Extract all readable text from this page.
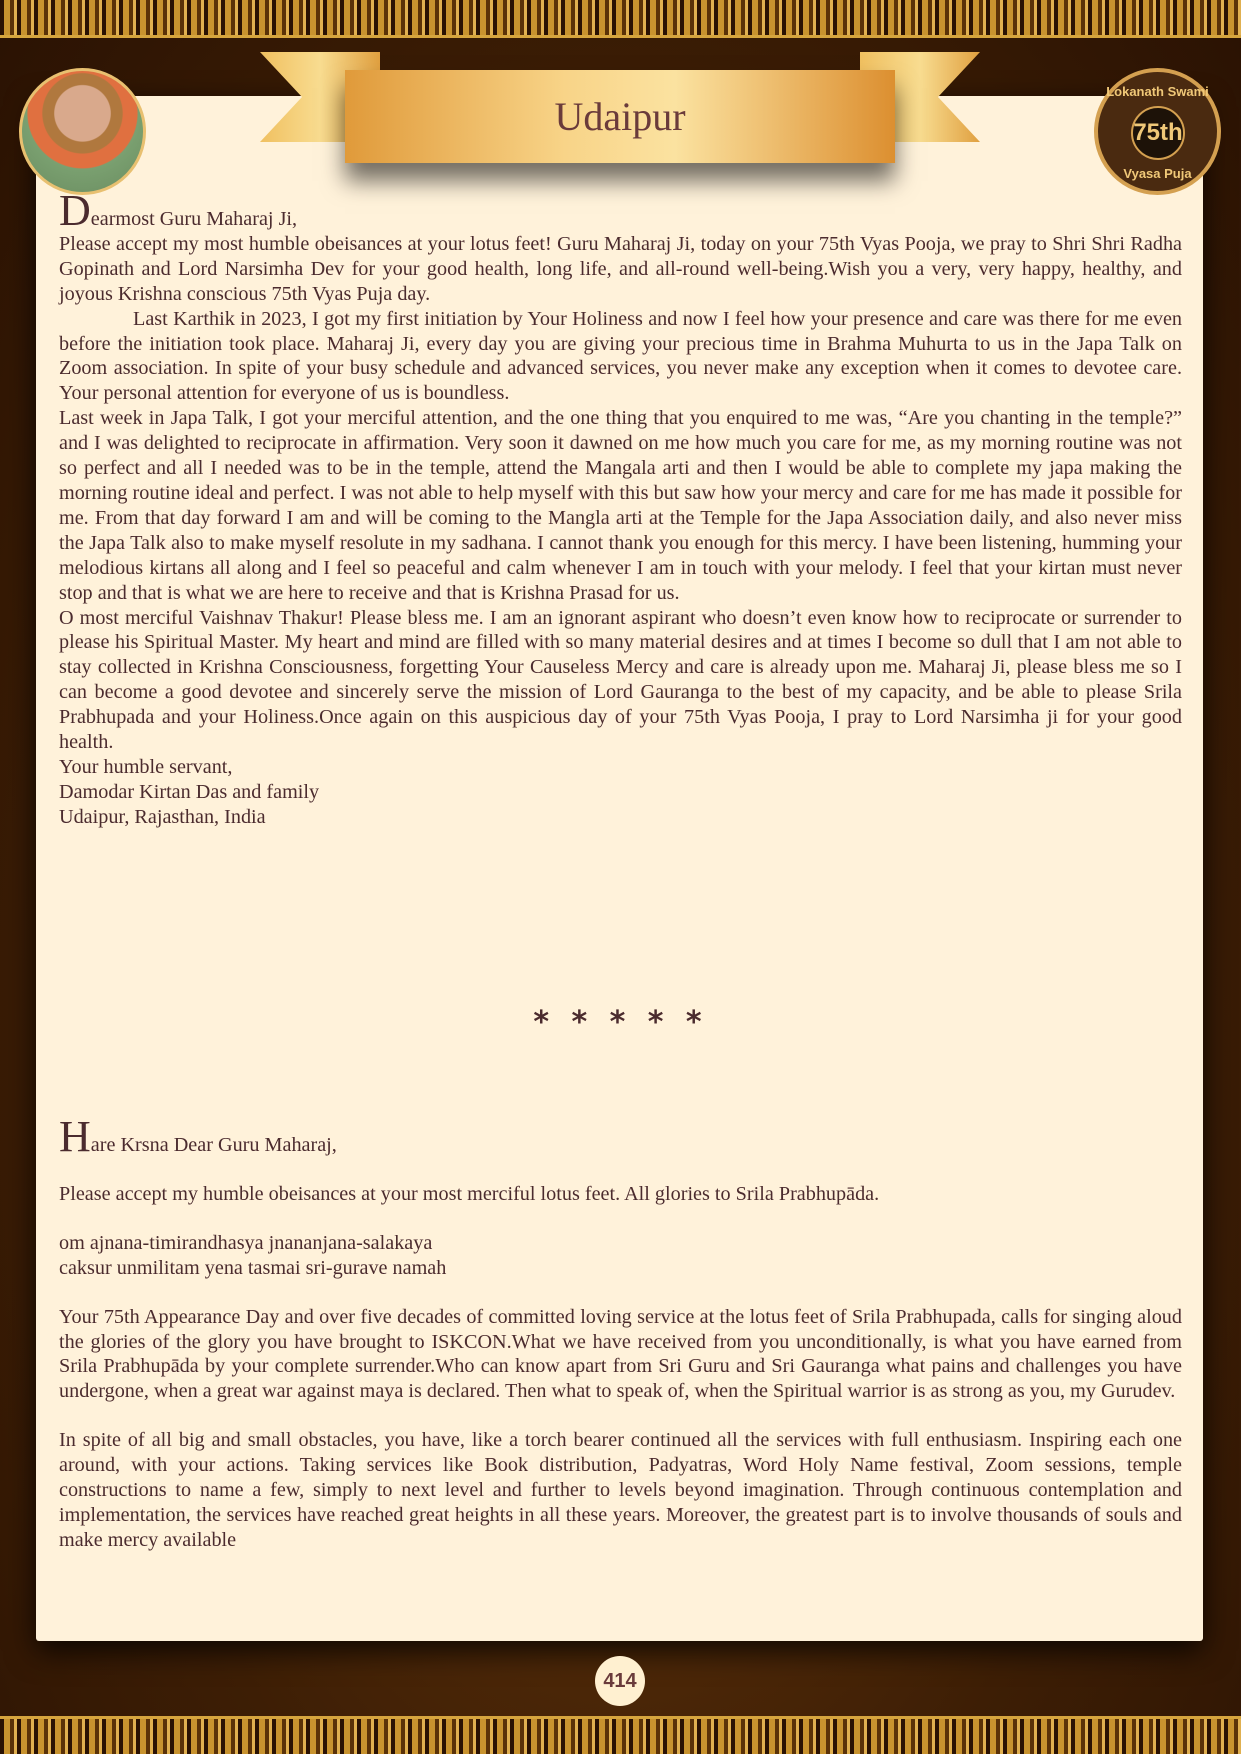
Udaipur
Lokanath Swami
75th
Vyasa Puja

Dearmost Guru Maharaj Ji,

Please accept my most humble obeisances at your lotus feet! Guru Maharaj Ji, today on your 75th Vyas Pooja, we pray to Shri Shri Radha Gopinath and Lord Narsimha Dev for your good health, long life, and all-round well-being.Wish you a very, very happy, healthy, and joyous Krishna conscious 75th Vyas Puja day.

Last Karthik in 2023, I got my first initiation by Your Holiness and now I feel how your presence and care was there for me even before the initiation took place. Maharaj Ji, every day you are giving your precious time in Brahma Muhurta to us in the Japa Talk on Zoom association. In spite of your busy schedule and advanced services, you never make any exception when it comes to devotee care. Your personal attention for everyone of us is boundless.

Last week in Japa Talk, I got your merciful attention, and the one thing that you enquired to me was, “Are you chanting in the temple?” and I was delighted to reciprocate in affirmation. Very soon it dawned on me how much you care for me, as my morning routine was not so perfect and all I needed was to be in the temple, attend the Mangala arti and then I would be able to complete my japa making the morning routine ideal and perfect. I was not able to help myself with this but saw how your mercy and care for me has made it possible for me. From that day forward I am and will be coming to the Mangla arti at the Temple for the Japa Association daily, and also never miss the Japa Talk also to make myself resolute in my sadhana. I cannot thank you enough for this mercy. I have been listening, humming your melodious kirtans all along and I feel so peaceful and calm whenever I am in touch with your melody. I feel that your kirtan must never stop and that is what we are here to receive and that is Krishna Prasad for us.

O most merciful Vaishnav Thakur! Please bless me. I am an ignorant aspirant who doesn’t even know how to reciprocate or surrender to please his Spiritual Master. My heart and mind are filled with so many material desires and at times I become so dull that I am not able to stay collected in Krishna Consciousness, forgetting Your Causeless Mercy and care is already upon me. Maharaj Ji, please bless me so I can become a good devotee and sincerely serve the mission of Lord Gauranga to the best of my capacity, and be able to please Srila Prabhupada and your Holiness.Once again on this auspicious day of your 75th Vyas Pooja, I pray to Lord Narsimha ji for your good health.

Your humble servant,

Damodar Kirtan Das and family

Udaipur, Rajasthan, India

* * * * *

Hare Krsna Dear Guru Maharaj,

Please accept my humble obeisances at your most merciful lotus feet. All glories to Srila Prabhupāda.

om ajnana-timirandhasya jnananjana-salakaya

caksur unmilitam yena tasmai sri-gurave namah

Your 75th Appearance Day and over five decades of committed loving service at the lotus feet of Srila Prabhupada, calls for singing aloud the glories of the glory you have brought to ISKCON.What we have received from you unconditionally, is what you have earned from Srila Prabhupāda by your complete surrender.Who can know apart from Sri Guru and Sri Gauranga what pains and challenges you have undergone, when a great war against maya is declared. Then what to speak of, when the Spiritual warrior is as strong as you, my Gurudev.

In spite of all big and small obstacles, you have, like a torch bearer continued all the services with full enthusiasm. Inspiring each one around, with your actions. Taking services like Book distribution, Padyatras, Word Holy Name festival, Zoom sessions, temple constructions to name a few, simply to next level and further to levels beyond imagination. Through continuous contemplation and implementation, the services have reached great heights in all these years. Moreover, the greatest part is to involve thousands of souls and make mercy available

414
